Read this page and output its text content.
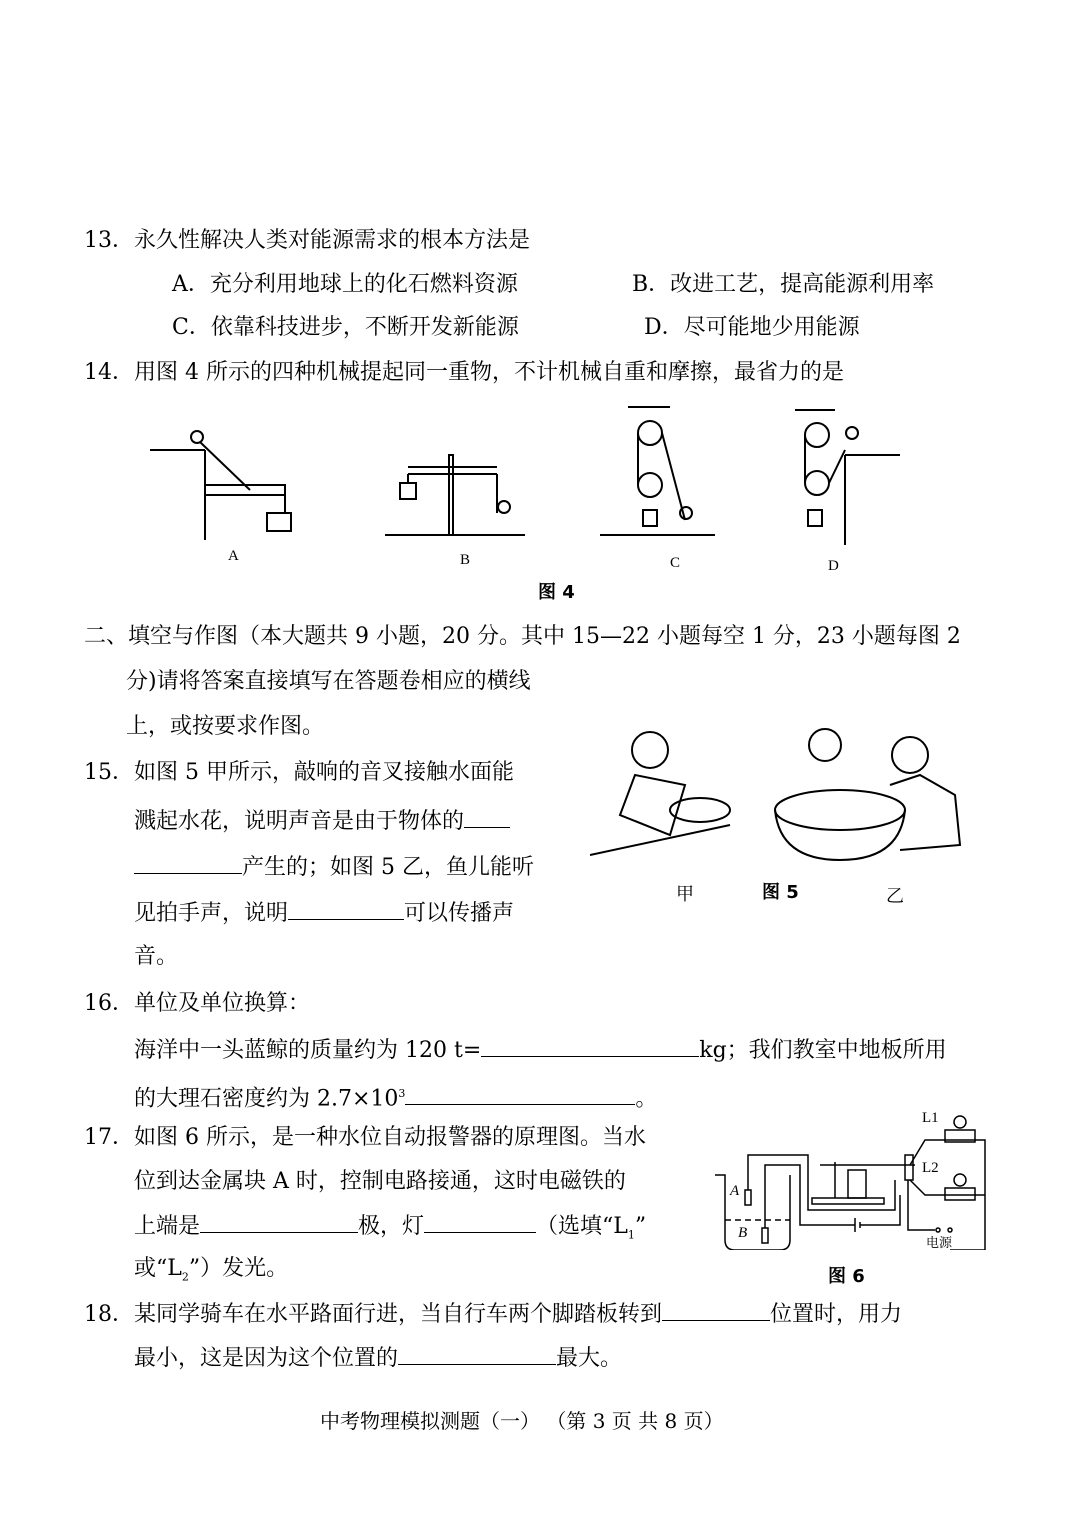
13．永久性解决人类对能源需求的根本方法是
A．充分利用地球上的化石燃料资源	B．改进工艺，提高能源利用率
C．依靠科技进步，不断开发新能源	D．尽可能地少用能源
14．用图 4 所示的四种机械提起同一重物，不计机械自重和摩擦，最省力的是
A	B	C	D
图 4
二、填空与作图（本大题共 9 小题，20 分。其中 15—22 小题每空 1 分，23 小题每图 2
分)请将答案直接填写在答题卷相应的横线
上，或按要求作图。
15．如图 5 甲所示，敲响的音叉接触水面能
溅起水花，说明声音是由于物体的
产生的；如图 5 乙，鱼儿能听
见拍手声，说明	可以传播声
音。
甲	图 5	乙
16．单位及单位换算：
海洋中一头蓝鲸的质量约为 120 t=	kg；我们教室中地板所用
的大理石密度约为 $2.7\times 10^3$	。
17．如图 6 所示，是一种水位自动报警器的原理图。当水
位到达金属块 A 时，控制电路接通，这时电磁铁的
上端是	极，灯	（选填“$L_1$”
或“$L_2$”）发光。
A
B
L1
L2
电源
图 6
18．某同学骑车在水平路面行进，当自行车两个脚踏板转到	位置时，用力
最小，这是因为这个位置的	最大。
中考物理模拟测题（一） （第 3 页 共 8 页）
